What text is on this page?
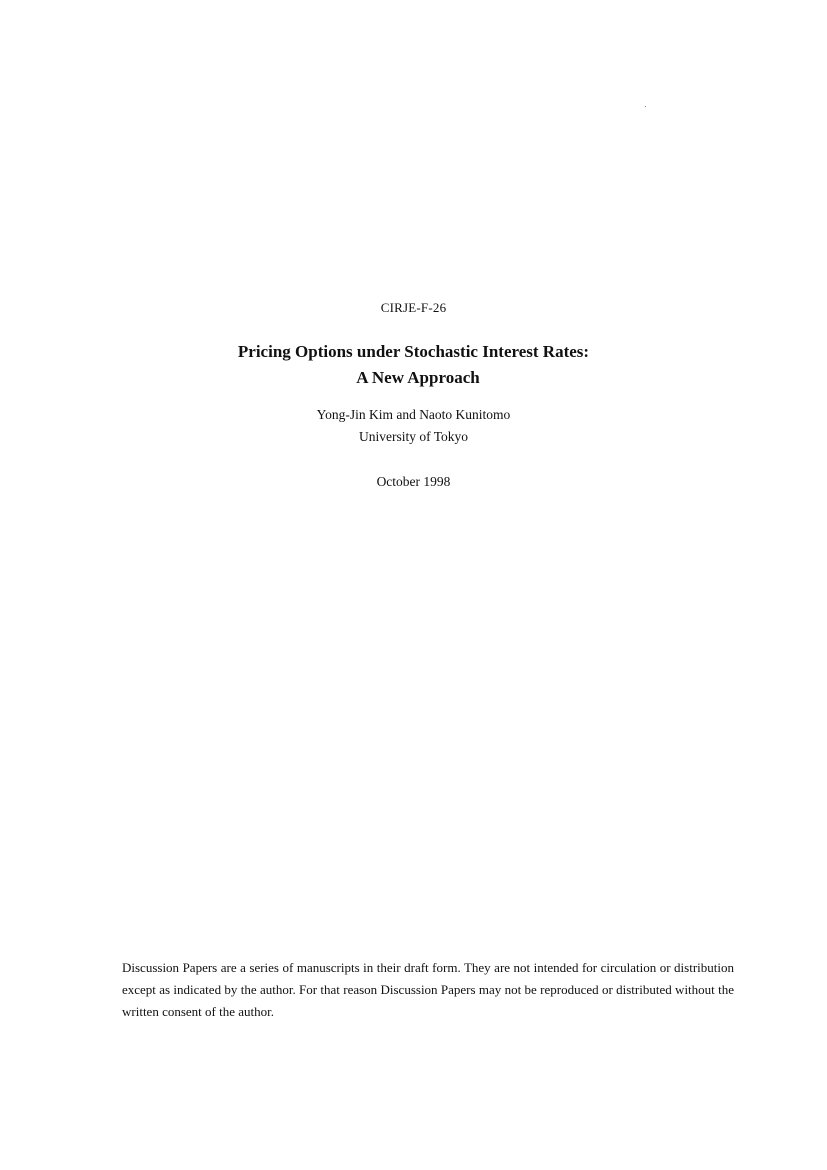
CIRJE-F-26
Pricing Options under Stochastic Interest Rates:
A New Approach
Yong-Jin Kim and Naoto Kunitomo
University of Tokyo
October 1998
Discussion Papers are a series of manuscripts in their draft form. They are not intended for circulation or distribution except as indicated by the author. For that reason Discussion Papers may not be reproduced or distributed without the written consent of the author.
